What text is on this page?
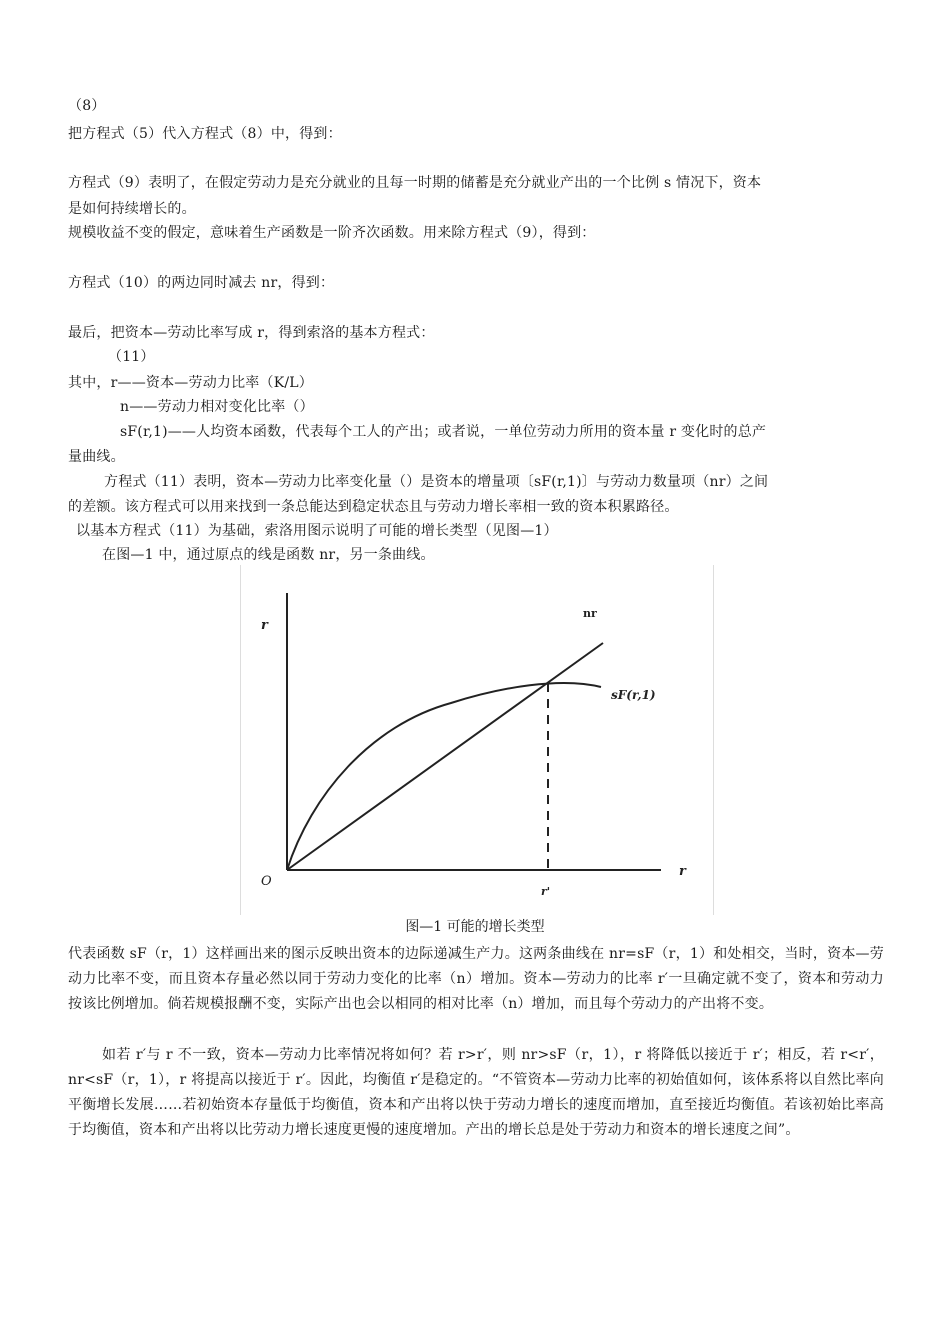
（8）
把方程式（5）代入方程式（8）中，得到：
方程式（9）表明了，在假定劳动力是充分就业的且每一时期的储蓄是充分就业产出的一个比例 s 情况下，资本
是如何持续增长的。
规模收益不变的假定，意味着生产函数是一阶齐次函数。用来除方程式（9），得到：
方程式（10）的两边同时减去 nr，得到：
最后，把资本—劳动比率写成 r，得到索洛的基本方程式：
（11）
其中，r——资本—劳动力比率（K/L）
n——劳动力相对变化比率（）
sF(r,1)——人均资本函数，代表每个工人的产出；或者说，一单位劳动力所用的资本量 r 变化时的总产
量曲线。
方程式（11）表明，资本—劳动力比率变化量（）是资本的增量项〔sF(r,1)〕与劳动力数量项（nr）之间
的差额。该方程式可以用来找到一条总能达到稳定状态且与劳动力增长率相一致的资本积累路径。
以基本方程式（11）为基础，索洛用图示说明了可能的增长类型（见图—1）
在图—1 中，通过原点的线是函数 nr，另一条曲线。
r
r
O
nr
sF(r,1)
r'
图—1 可能的增长类型
代表函数 sF（r，1）这样画出来的图示反映出资本的边际递减生产力。这两条曲线在 nr=sF（r，1）和处相交，当时，资本—劳动力比率不变，而且资本存量必然以同于劳动力变化的比率（n）增加。资本—劳动力的比率 r′一旦确定就不变了，资本和劳动力按该比例增加。倘若规模报酬不变，实际产出也会以相同的相对比率（n）增加，而且每个劳动力的产出将不变。
如若 r′与 r 不一致，资本—劳动力比率情况将如何？若 r>r′，则 nr>sF（r，1），r 将降低以接近于 r′；相反，若 r<r′，nr<sF（r，1），r 将提高以接近于 r′。因此，均衡值 r′是稳定的。“不管资本—劳动力比率的初始值如何，该体系将以自然比率向平衡增长发展……若初始资本存量低于均衡值，资本和产出将以快于劳动力增长的速度而增加，直至接近均衡值。若该初始比率高于均衡值，资本和产出将以比劳动力增长速度更慢的速度增加。产出的增长总是处于劳动力和资本的增长速度之间”。
